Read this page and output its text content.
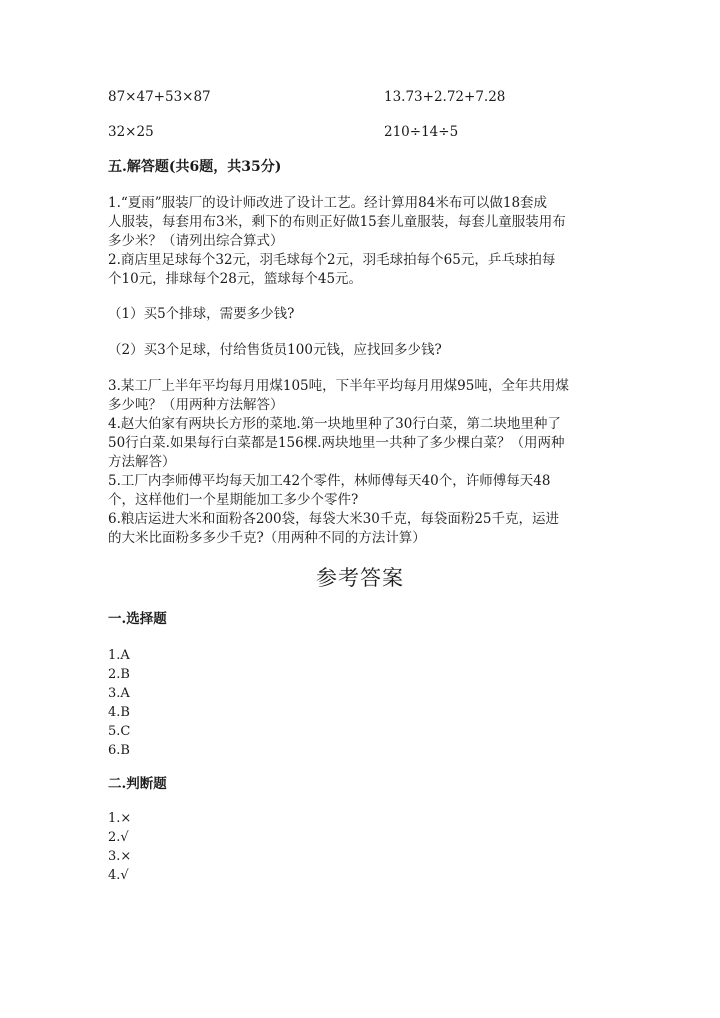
87×47+53×87	13.73+2.72+7.28
32×25	210÷14÷5
五.解答题(共6题，共35分)
1.“夏雨”服装厂的设计师改进了设计工艺。经计算用84米布可以做18套成
人服装，每套用布3米，剩下的布则正好做15套儿童服装，每套儿童服装用布
多少米？（请列出综合算式）
2.商店里足球每个32元，羽毛球每个2元，羽毛球拍每个65元，乒乓球拍每
个10元，排球每个28元，篮球每个45元。
（1）买5个排球，需要多少钱?
（2）买3个足球，付给售货员100元钱，应找回多少钱?
3.某工厂上半年平均每月用煤105吨，下半年平均每月用煤95吨，全年共用煤
多少吨？（用两种方法解答）
4.赵大伯家有两块长方形的菜地.第一块地里种了30行白菜，第二块地里种了
50行白菜.如果每行白菜都是156棵.两块地里一共种了多少棵白菜？（用两种
方法解答）
5.工厂内李师傅平均每天加工42个零件，林师傅每天40个，许师傅每天48
个，这样他们一个星期能加工多少个零件?
6.粮店运进大米和面粉各200袋，每袋大米30千克，每袋面粉25千克，运进
的大米比面粉多多少千克?（用两种不同的方法计算）
参考答案
一.选择题
1.A
2.B
3.A
4.B
5.C
6.B
二.判断题
1.×
2.√
3.×
4.√
